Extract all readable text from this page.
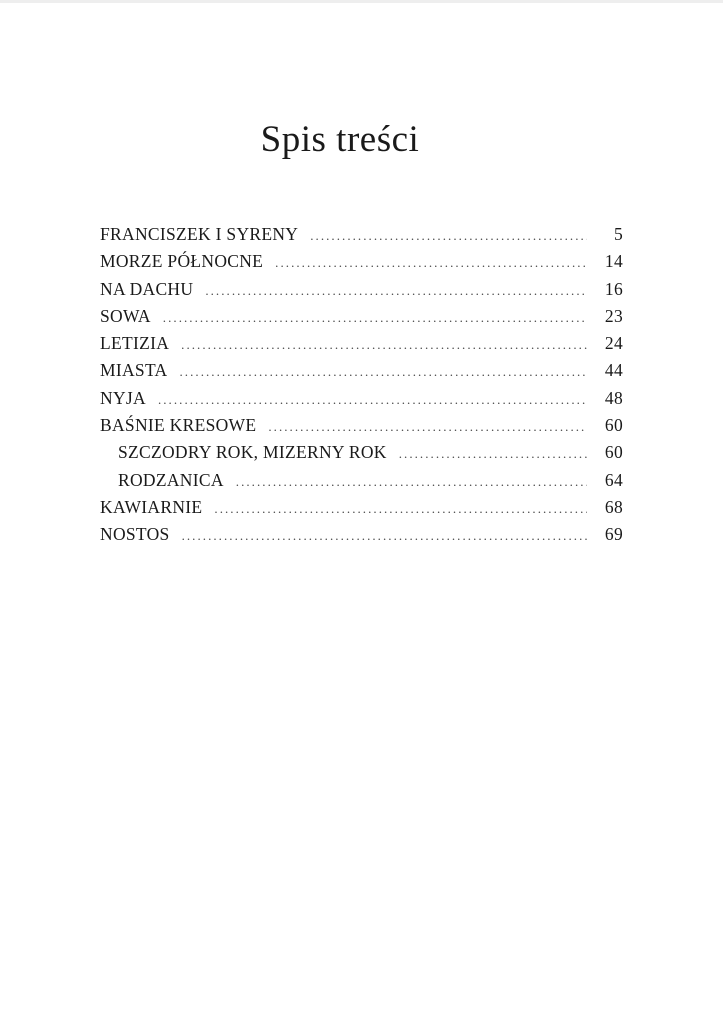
Spis treści
FRANCISZEK I SYRENY . . .	5
MORZE PÓŁNOCNE . . .	14
NA DACHU . . .	16
SOWA . . .	23
LETIZIA . . .	24
MIASTA . . .	44
NYJA . . .	48
BAŚNIE KRESOWE . . .	60
SZCZODRY ROK, MIZERNY ROK . . .	60
RODZANICA . . .	64
KAWIARNIE . . .	68
NOSTOS . . .	69
